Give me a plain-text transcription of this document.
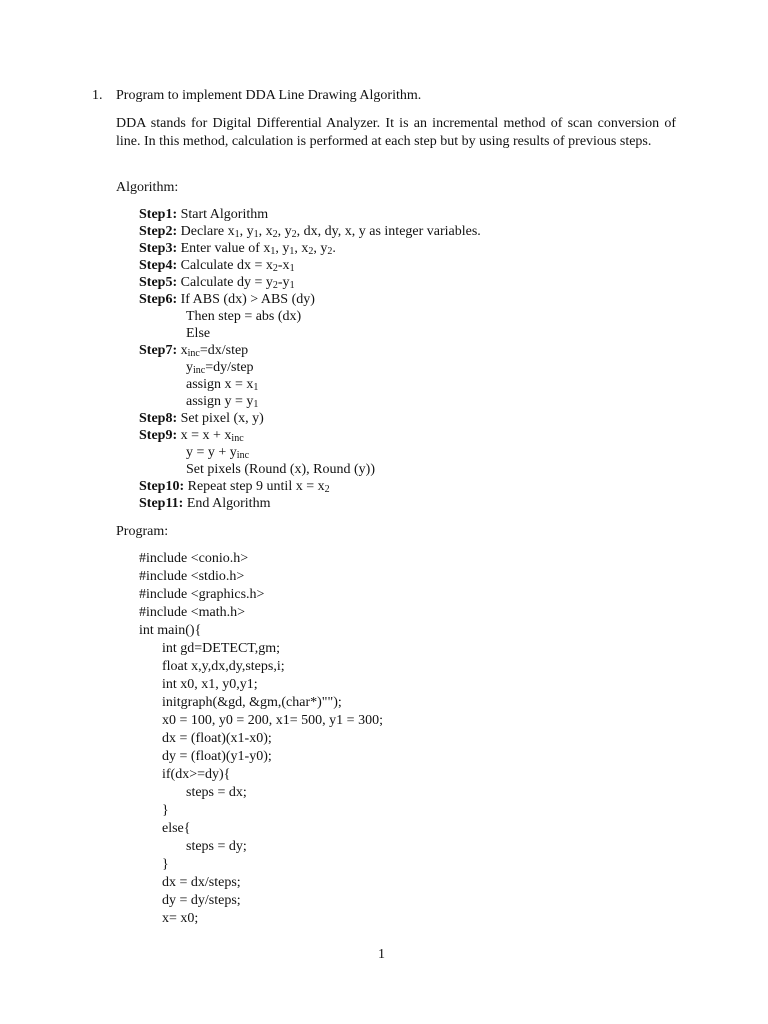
1. Program to implement DDA Line Drawing Algorithm.
DDA stands for Digital Differential Analyzer. It is an incremental method of scan conversion of line. In this method, calculation is performed at each step but by using results of previous steps.
Algorithm:
Step1: Start Algorithm
Step2: Declare $x_1$, $y_1$, $x_2$, $y_2$, dx, dy, x, y as integer variables.
Step3: Enter value of $x_1$, $y_1$, $x_2$, $y_2$.
Step4: Calculate dx = $x_2-x_1$
Step5: Calculate dy = $y_2-y_1$
Step6: If ABS (dx) > ABS (dy)
Then step = abs (dx)
Else
Step7: $x_{inc}=dx$/step
$y_{inc}=dy$/step
assign $x = x_1$
assign $y = y_1$
Step8: Set pixel (x, y)
Step9: $x = x + x_{inc}$
$y = y + y_{inc}$
Set pixels (Round (x), Round (y))
Step10: Repeat step 9 until $x = x_2$
Step11: End Algorithm
Program:
#include <conio.h>
#include <stdio.h>
#include <graphics.h>
#include <math.h>
int main(){
int gd=DETECT,gm;
float x,y,dx,dy,steps,i;
int x0, x1, y0,y1;
initgraph(&gd, &gm,(char*)"");
x0 = 100, y0 = 200, x1= 500, y1 = 300;
dx = (float)(x1-x0);
dy = (float)(y1-y0);
if(dx>=dy){
steps = dx;
}
else{
steps = dy;
}
dx = dx/steps;
dy = dy/steps;
x= x0;
1
